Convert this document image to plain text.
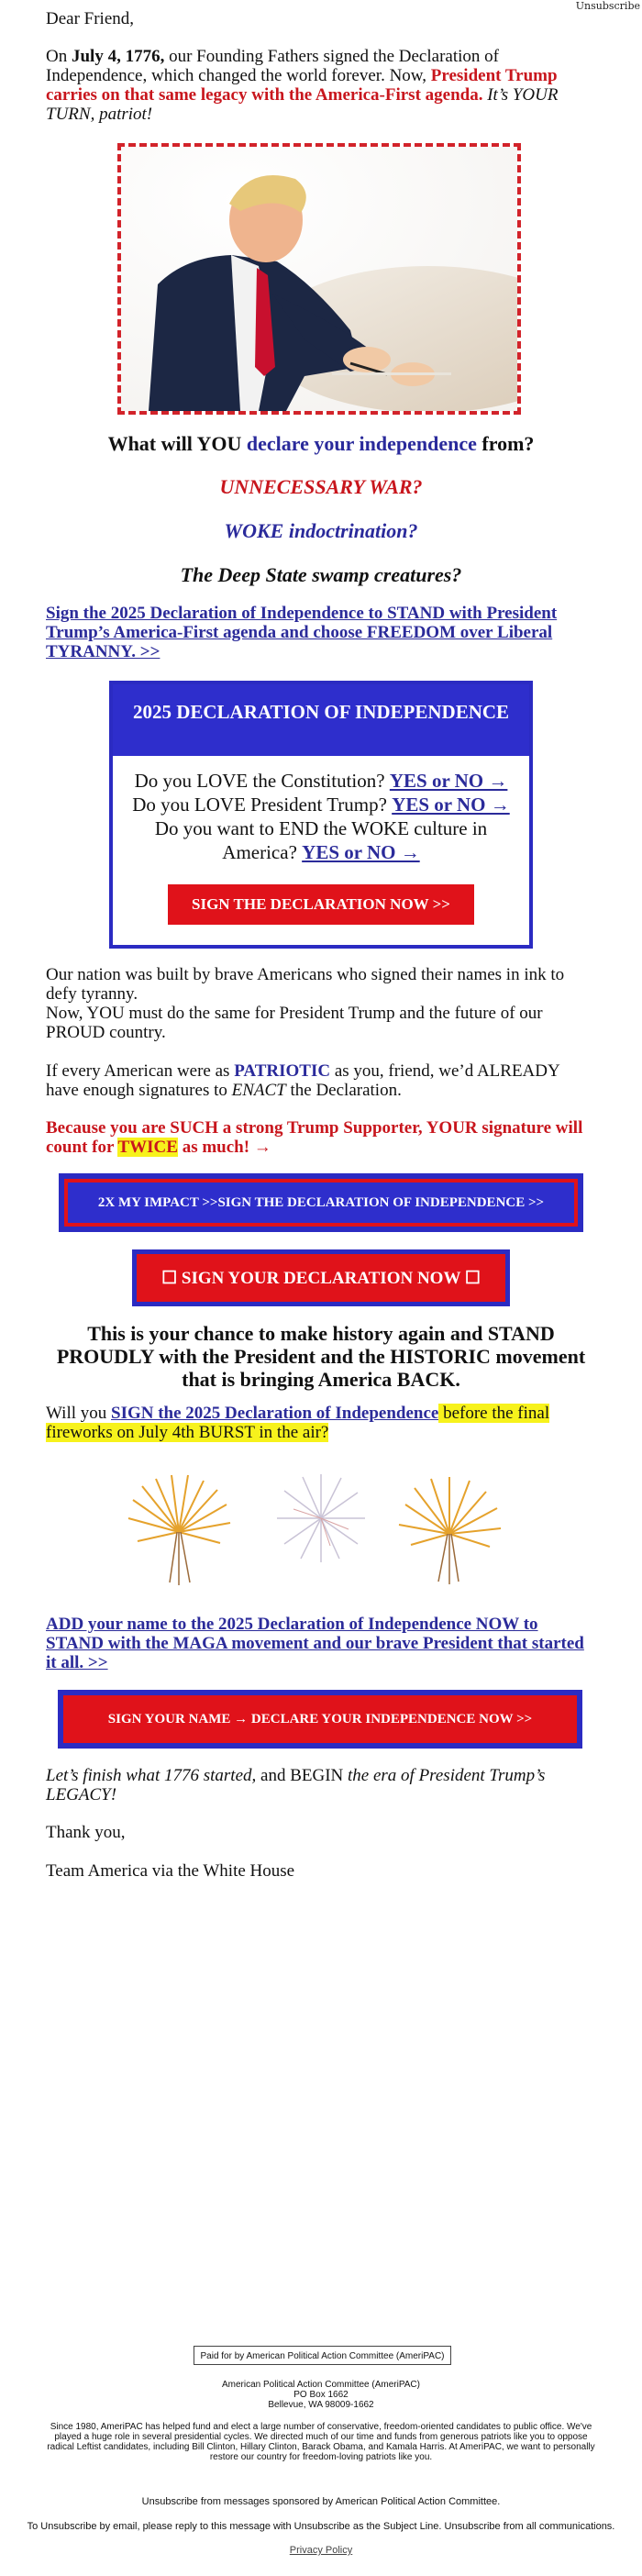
Unsubscribe

Dear Friend,

On July 4, 1776, our Founding Fathers signed the Declaration of Independence, which changed the world forever. Now, President Trump carries on that same legacy with the America-First agenda. It’s YOUR TURN, patriot!

What will YOU declare your independence from?

UNNECESSARY WAR?

WOKE indoctrination?

The Deep State swamp creatures?

Sign the 2025 Declaration of Independence to STAND with President Trump’s America-First agenda and choose FREEDOM over Liberal TYRANNY. >>
2025 DECLARATION OF INDEPENDENCE
Do you LOVE the Constitution? YES or NO →
Do you LOVE President Trump? YES or NO →
Do you want to END the WOKE culture in America? YES or NO →
SIGN THE DECLARATION NOW >>

Our nation was built by brave Americans who signed their names in ink to defy tyranny.

Now, YOU must do the same for President Trump and the future of our PROUD country.

If every American were as PATRIOTIC as you, friend, we’d ALREADY have enough signatures to ENACT the Declaration.

Because you are SUCH a strong Trump Supporter, YOUR signature will count for TWICE as much! →

2X MY IMPACT >>SIGN THE DECLARATION OF INDEPENDENCE >>
☐ SIGN YOUR DECLARATION NOW ☐

This is your chance to make history again and STAND PROUDLY with the President and the HISTORIC movement that is bringing America BACK.

Will you SIGN the 2025 Declaration of Independence before the final fireworks on July 4th BURST in the air?

ADD your name to the 2025 Declaration of Independence NOW to STAND with the MAGA movement and our brave President that started it all. >>
SIGN YOUR NAME → DECLARE YOUR INDEPENDENCE NOW >>

Let’s finish what 1776 started, and BEGIN the era of President Trump’s LEGACY!

Thank you,

Team America via the White House

Paid for by American Political Action Committee (AmeriPAC)
American Political Action Committee (AmeriPAC)
PO Box 1662
Bellevue, WA 98009-1662
Since 1980, AmeriPAC has helped fund and elect a large number of conservative, freedom-oriented candidates to public office. We've played a huge role in several presidential cycles. We directed much of our time and funds from generous patriots like you to oppose radical Leftist candidates, including Bill Clinton, Hillary Clinton, Barack Obama, and Kamala Harris. At AmeriPAC, we want to personally restore our country for freedom-loving patriots like you.
Unsubscribe from messages sponsored by American Political Action Committee.
To Unsubscribe by email, please reply to this message with Unsubscribe as the Subject Line. Unsubscribe from all communications.
Privacy Policy
